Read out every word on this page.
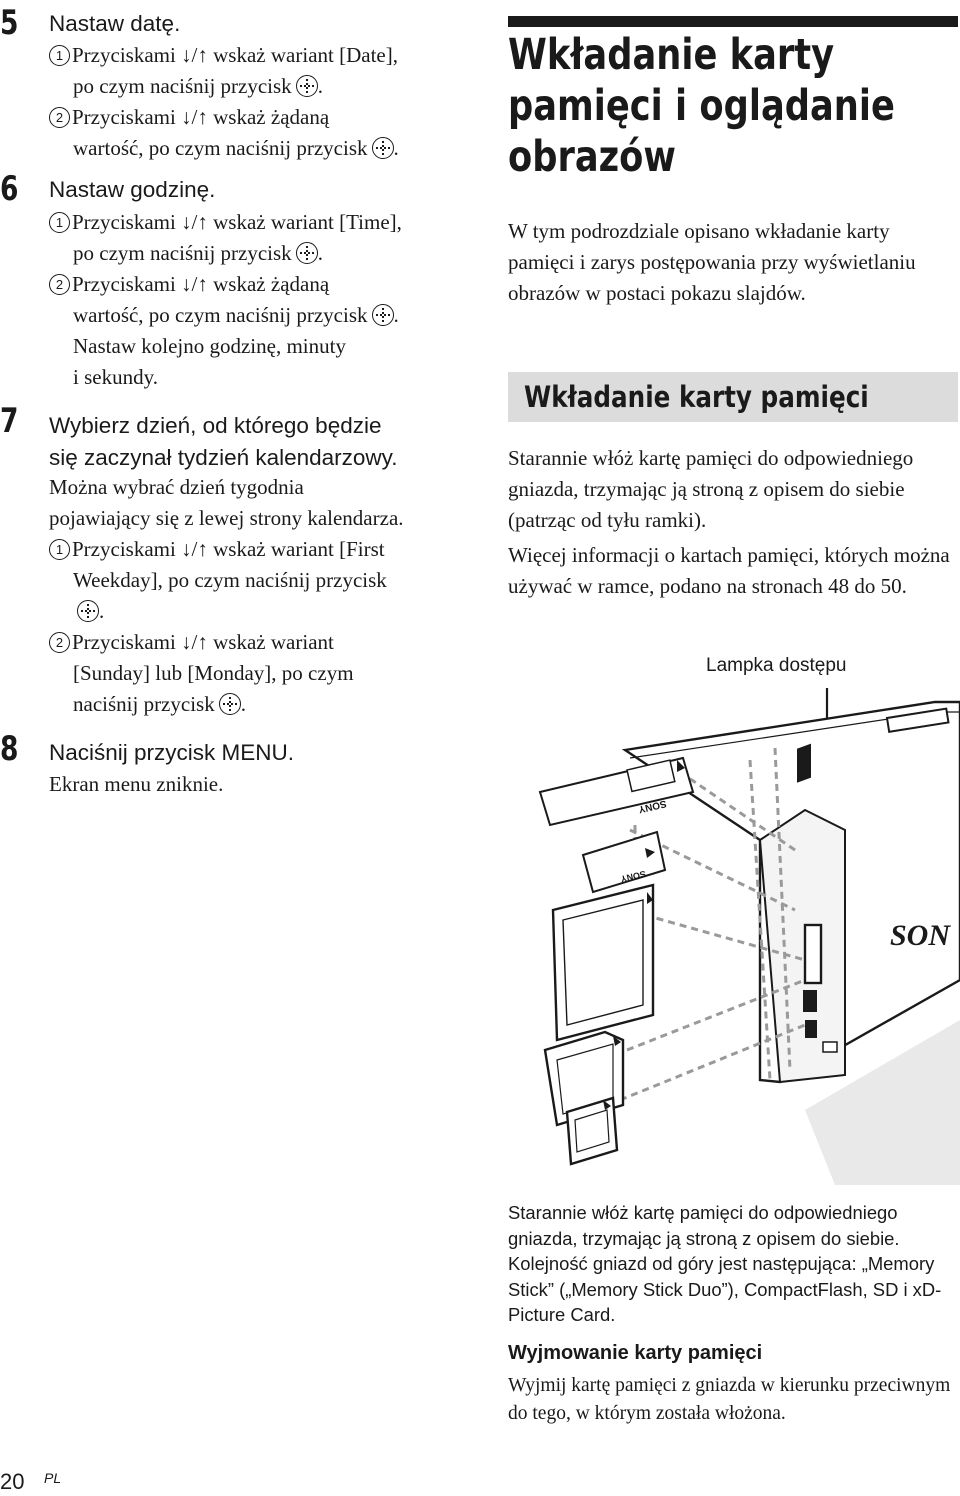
5 Nastaw datę.
1 Przyciskami ↓/↑ wskaż wariant [Date],
po czym naciśnij przycisk .
2 Przyciskami ↓/↑ wskaż żądaną
wartość, po czym naciśnij przycisk .
6 Nastaw godzinę.
1 Przyciskami ↓/↑ wskaż wariant [Time],
po czym naciśnij przycisk .
2 Przyciskami ↓/↑ wskaż żądaną
wartość, po czym naciśnij przycisk .
Nastaw kolejno godzinę, minuty
i sekundy.
7 Wybierz dzień, od którego będzie
się zaczynał tydzień kalendarzowy.
Można wybrać dzień tygodnia
pojawiający się z lewej strony kalendarza.
1 Przyciskami ↓/↑ wskaż wariant [First
Weekday], po czym naciśnij przycisk
.
2 Przyciskami ↓/↑ wskaż wariant
[Sunday] lub [Monday], po czym
naciśnij przycisk .
8 Naciśnij przycisk MENU.
Ekran menu zniknie.
Wkładanie karty
pamięci i oglądanie
obrazów
W tym podrozdziale opisano wkładanie karty pamięci i zarys postępowania przy wyświetlaniu obrazów w postaci pokazu slajdów.
Wkładanie karty pamięci
Starannie włóż kartę pamięci do odpowiedniego gniazda, trzymając ją stroną z opisem do siebie (patrząc od tyłu ramki).
Więcej informacji o kartach pamięci, których można używać w ramce, podano na stronach 48 do 50.
Lampka dostępu
SON
SONY
SONY
Starannie włóż kartę pamięci do odpowiedniego gniazda, trzymając ją stroną z opisem do siebie. Kolejność gniazd od góry jest następująca: „Memory Stick” („Memory Stick Duo”), CompactFlash, SD i xD-Picture Card.
Wyjmowanie karty pamięci
Wyjmij kartę pamięci z gniazda w kierunku przeciwnym do tego, w którym została włożona.
20 PL
